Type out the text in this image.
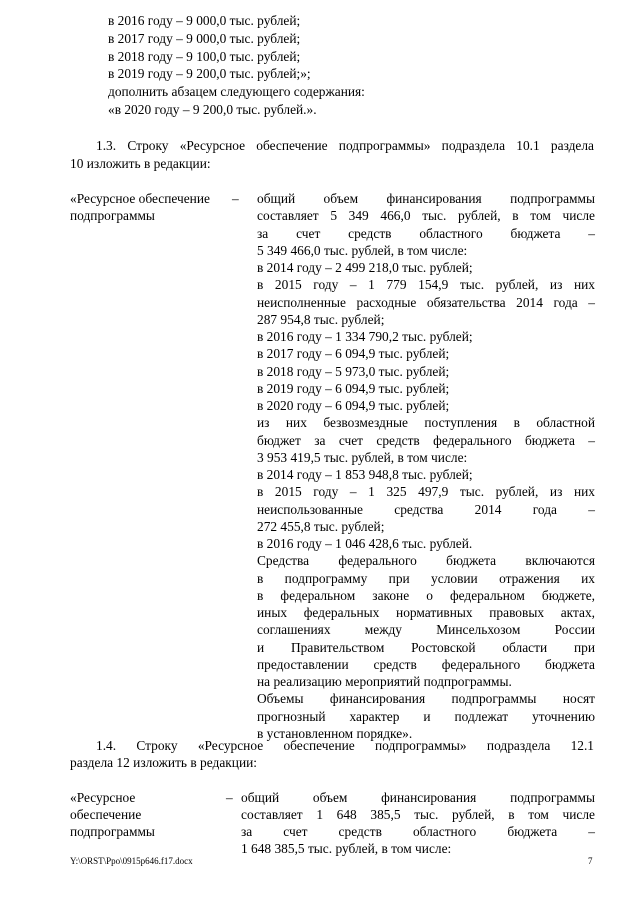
в 2016 году – 9 000,0 тыс. рублей;
в 2017 году – 9 000,0 тыс. рублей;
в 2018 году – 9 100,0 тыс. рублей;
в 2019 году – 9 200,0 тыс. рублей;»;
дополнить абзацем следующего содержания:
«в 2020 году – 9 200,0 тыс. рублей.».
1.3. Строку «Ресурсное обеспечение подпрограммы» подраздела 10.1 раздела
10 изложить в редакции:
«Ресурсное обеспечение –
подпрограммы
общий объем финансирования подпрограммы
составляет 5 349 466,0 тыс. рублей, в том числе
за счет средств областного бюджета –
5 349 466,0 тыс. рублей, в том числе:
в 2014 году – 2 499 218,0 тыс. рублей;
в 2015 году – 1 779 154,9 тыс. рублей, из них
неисполненные расходные обязательства 2014 года –
287 954,8 тыс. рублей;
в 2016 году – 1 334 790,2 тыс. рублей;
в 2017 году – 6 094,9 тыс. рублей;
в 2018 году – 5 973,0 тыс. рублей;
в 2019 году – 6 094,9 тыс. рублей;
в 2020 году – 6 094,9 тыс. рублей;
из них безвозмездные поступления в областной
бюджет за счет средств федерального бюджета –
3 953 419,5 тыс. рублей, в том числе:
в 2014 году – 1 853 948,8 тыс. рублей;
в 2015 году – 1 325 497,9 тыс. рублей, из них
неиспользованные средства 2014 года –
272 455,8 тыс. рублей;
в 2016 году – 1 046 428,6 тыс. рублей.
Средства федерального бюджета включаются
в подпрограмму при условии отражения их
в федеральном законе о федеральном бюджете,
иных федеральных нормативных правовых актах,
соглашениях между Минсельхозом России
и Правительством Ростовской области при
предоставлении средств федерального бюджета
на реализацию мероприятий подпрограммы.
Объемы финансирования подпрограммы носят
прогнозный характер и подлежат уточнению
в установленном порядке».
1.4. Строку «Ресурсное обеспечение подпрограммы» подраздела 12.1
раздела 12 изложить в редакции:
«Ресурсное
обеспечение
подпрограммы
– общий объем финансирования подпрограммы
составляет 1 648 385,5 тыс. рублей, в том числе
за счет средств областного бюджета –
1 648 385,5 тыс. рублей, в том числе:
Y:\ORST\Ppo\0915p646.f17.docx	7
